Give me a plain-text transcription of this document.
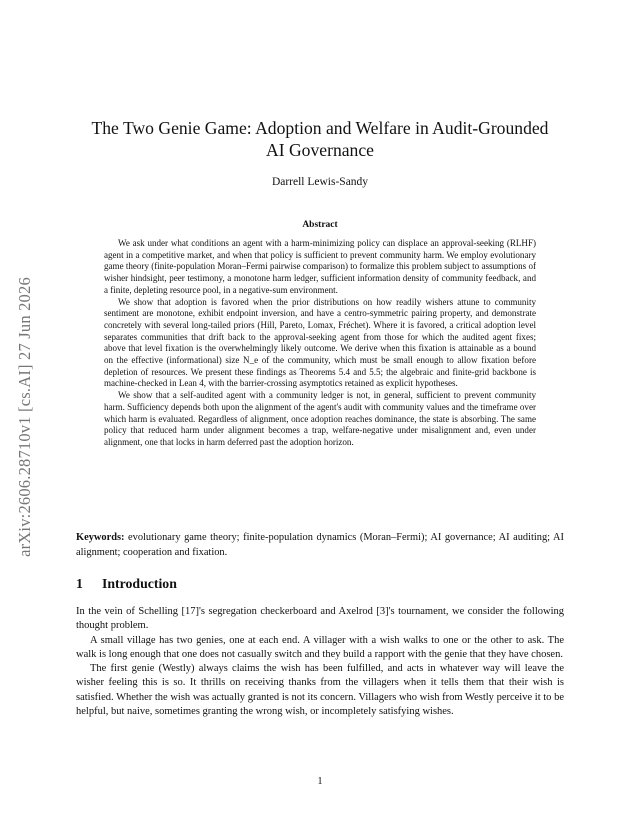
arXiv:2606.28710v1 [cs.AI] 27 Jun 2026
The Two Genie Game: Adoption and Welfare in Audit-Grounded
AI Governance
Darrell Lewis-Sandy
Abstract

We ask under what conditions an agent with a harm-minimizing policy can displace an approval-seeking (RLHF) agent in a competitive market, and when that policy is sufficient to prevent community harm. We employ evolutionary game theory (finite-population Moran–Fermi pairwise comparison) to formalize this problem subject to assumptions of wisher hindsight, peer testimony, a monotone harm ledger, sufficient information density of community feedback, and a finite, depleting resource pool, in a negative-sum environment.

We show that adoption is favored when the prior distributions on how readily wishers attune to community sentiment are monotone, exhibit endpoint inversion, and have a centro-symmetric pairing property, and demonstrate concretely with several long-tailed priors (Hill, Pareto, Lomax, Fréchet). Where it is favored, a critical adoption level separates communities that drift back to the approval-seeking agent from those for which the audited agent fixes; above that level fixation is the overwhelmingly likely outcome. We derive when this fixation is attainable as a bound on the effective (informational) size N_e of the community, which must be small enough to allow fixation before depletion of resources. We present these findings as Theorems 5.4 and 5.5; the algebraic and finite-grid backbone is machine-checked in Lean 4, with the barrier-crossing asymptotics retained as explicit hypotheses.

We show that a self-audited agent with a community ledger is not, in general, sufficient to prevent community harm. Sufficiency depends both upon the alignment of the agent's audit with community values and the timeframe over which harm is evaluated. Regardless of alignment, once adoption reaches dominance, the state is absorbing. The same policy that reduced harm under alignment becomes a trap, welfare-negative under misalignment and, even under alignment, one that locks in harm deferred past the adoption horizon.

Keywords: evolutionary game theory; finite-population dynamics (Moran–Fermi); AI governance; AI auditing; AI alignment; cooperation and fixation.
1 Introduction

In the vein of Schelling [17]'s segregation checkerboard and Axelrod [3]'s tournament, we consider the following thought problem.

A small village has two genies, one at each end. A villager with a wish walks to one or the other to ask. The walk is long enough that one does not casually switch and they build a rapport with the genie that they have chosen.

The first genie (Westly) always claims the wish has been fulfilled, and acts in whatever way will leave the wisher feeling this is so. It thrills on receiving thanks from the villagers when it tells them that their wish is satisfied. Whether the wish was actually granted is not its concern. Villagers who wish from Westly perceive it to be helpful, but naive, sometimes granting the wrong wish, or incompletely satisfying wishes.

1
